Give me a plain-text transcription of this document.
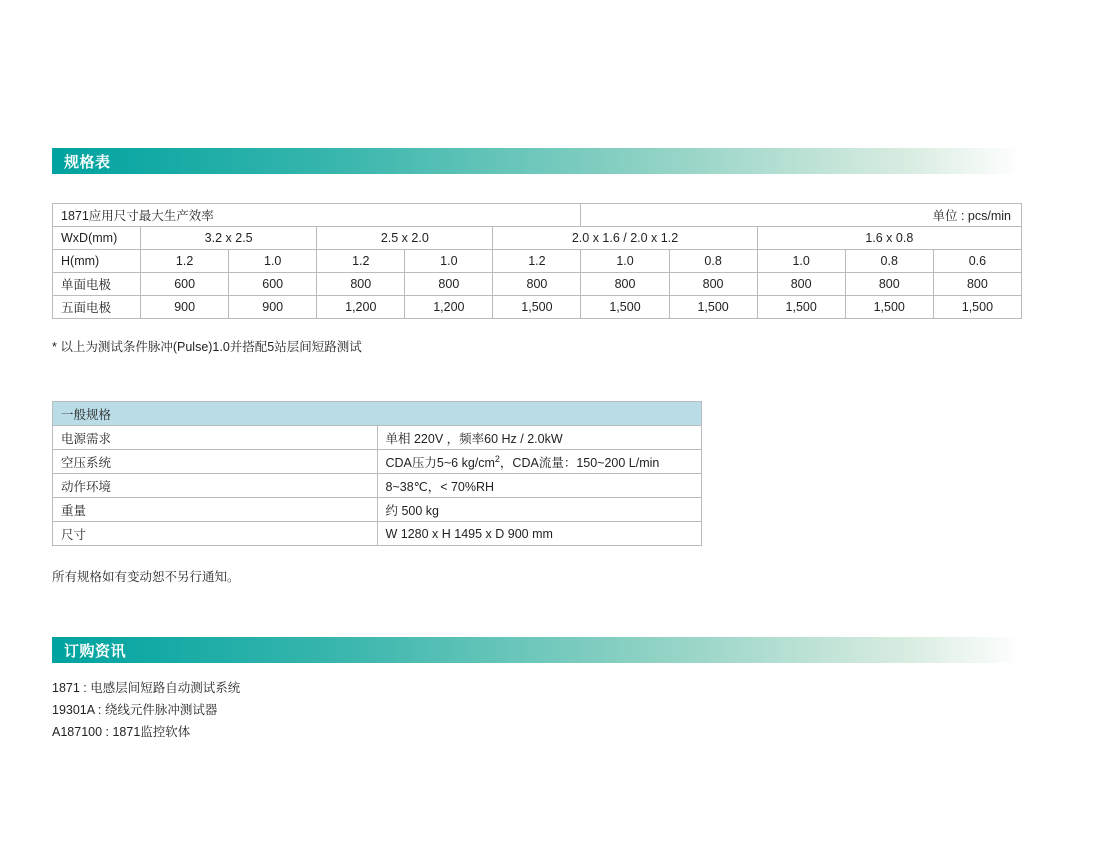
规格表
1871应用尺寸最大生产效率						单位 : pcs/min				
WxD(mm)	3.2 x 2.5		2.5 x 2.0		2.0 x 1.6 / 2.0 x 1.2			1.6 x 0.8		
H(mm)	1.2	1.0	1.2	1.0	1.2	1.0	0.8	1.0	0.8	0.6
单面电极	600	600	800	800	800	800	800	800	800	800
五面电极	900	900	1,200	1,200	1,500	1,500	1,500	1,500	1,500	1,500
* 以上为测试条件脉冲(Pulse)1.0并搭配5站层间短路测试
一般规格	
电源需求	单相 220V ，频率60 Hz / 2.0kW
空压系统	CDA压力5~6 $kg/cm^2$，CDA流量：150~200 L/min
动作环境	8~38℃，< 70%RH
重量	约 500 kg
尺寸	W 1280 x H 1495 x D 900 mm
所有规格如有变动恕不另行通知。
订购资讯
1871 : 电感层间短路自动测试系统
19301A : 绕线元件脉冲测试器
A187100 : 1871监控软体
